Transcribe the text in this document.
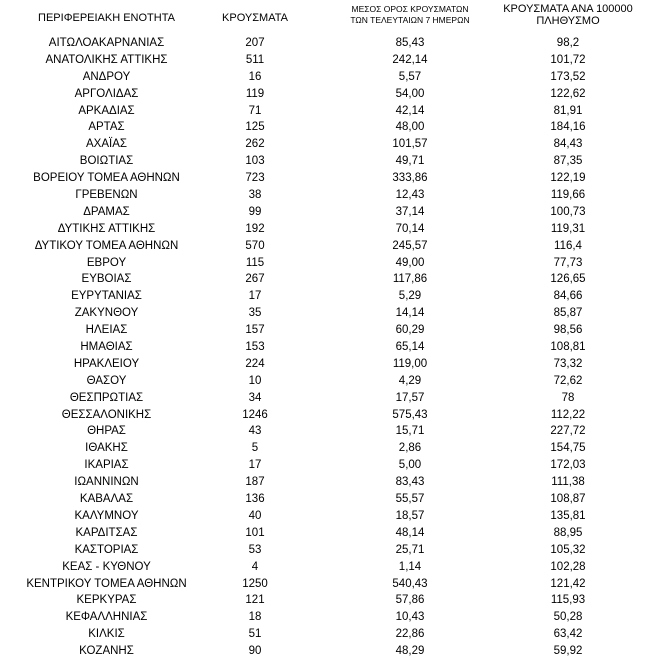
ΠΕΡΙΦΕΡΕΙΑΚΗ ΕΝΟΤΗΤΑ	ΚΡΟΥΣΜΑΤΑ
ΜΕΣΟΣ ΟΡΟΣ ΚΡΟΥΣΜΑΤΩΝ
ΤΩΝ ΤΕΛΕΥΤΑΙΩΝ 7 ΗΜΕΡΩΝ
ΚΡΟΥΣΜΑΤΑ ΑΝΑ 100000
ΠΛΗΘΥΣΜΟ
ΑΙΤΩΛΟΑΚΑΡΝΑΝΙΑΣ	207	85,43	98,2
ΑΝΑΤΟΛΙΚΗΣ ΑΤΤΙΚΗΣ	511	242,14	101,72
ΑΝΔΡΟΥ	16	5,57	173,52
ΑΡΓΟΛΙΔΑΣ	119	54,00	122,62
ΑΡΚΑΔΙΑΣ	71	42,14	81,91
ΑΡΤΑΣ	125	48,00	184,16
ΑΧΑΪΑΣ	262	101,57	84,43
ΒΟΙΩΤΙΑΣ	103	49,71	87,35
ΒΟΡΕΙΟΥ ΤΟΜΕΑ ΑΘΗΝΩΝ	723	333,86	122,19
ΓΡΕΒΕΝΩΝ	38	12,43	119,66
ΔΡΑΜΑΣ	99	37,14	100,73
ΔΥΤΙΚΗΣ ΑΤΤΙΚΗΣ	192	70,14	119,31
ΔΥΤΙΚΟΥ ΤΟΜΕΑ ΑΘΗΝΩΝ	570	245,57	116,4
ΕΒΡΟΥ	115	49,00	77,73
ΕΥΒΟΙΑΣ	267	117,86	126,65
ΕΥΡΥΤΑΝΙΑΣ	17	5,29	84,66
ΖΑΚΥΝΘΟΥ	35	14,14	85,87
ΗΛΕΙΑΣ	157	60,29	98,56
ΗΜΑΘΙΑΣ	153	65,14	108,81
ΗΡΑΚΛΕΙΟΥ	224	119,00	73,32
ΘΑΣΟΥ	10	4,29	72,62
ΘΕΣΠΡΩΤΙΑΣ	34	17,57	78
ΘΕΣΣΑΛΟΝΙΚΗΣ	1246	575,43	112,22
ΘΗΡΑΣ	43	15,71	227,72
ΙΘΑΚΗΣ	5	2,86	154,75
ΙΚΑΡΙΑΣ	17	5,00	172,03
ΙΩΑΝΝΙΝΩΝ	187	83,43	111,38
ΚΑΒΑΛΑΣ	136	55,57	108,87
ΚΑΛΥΜΝΟΥ	40	18,57	135,81
ΚΑΡΔΙΤΣΑΣ	101	48,14	88,95
ΚΑΣΤΟΡΙΑΣ	53	25,71	105,32
ΚΕΑΣ - ΚΥΘΝΟΥ	4	1,14	102,28
ΚΕΝΤΡΙΚΟΥ ΤΟΜΕΑ ΑΘΗΝΩΝ	1250	540,43	121,42
ΚΕΡΚΥΡΑΣ	121	57,86	115,93
ΚΕΦΑΛΛΗΝΙΑΣ	18	10,43	50,28
ΚΙΛΚΙΣ	51	22,86	63,42
ΚΟΖΑΝΗΣ	90	48,29	59,92
